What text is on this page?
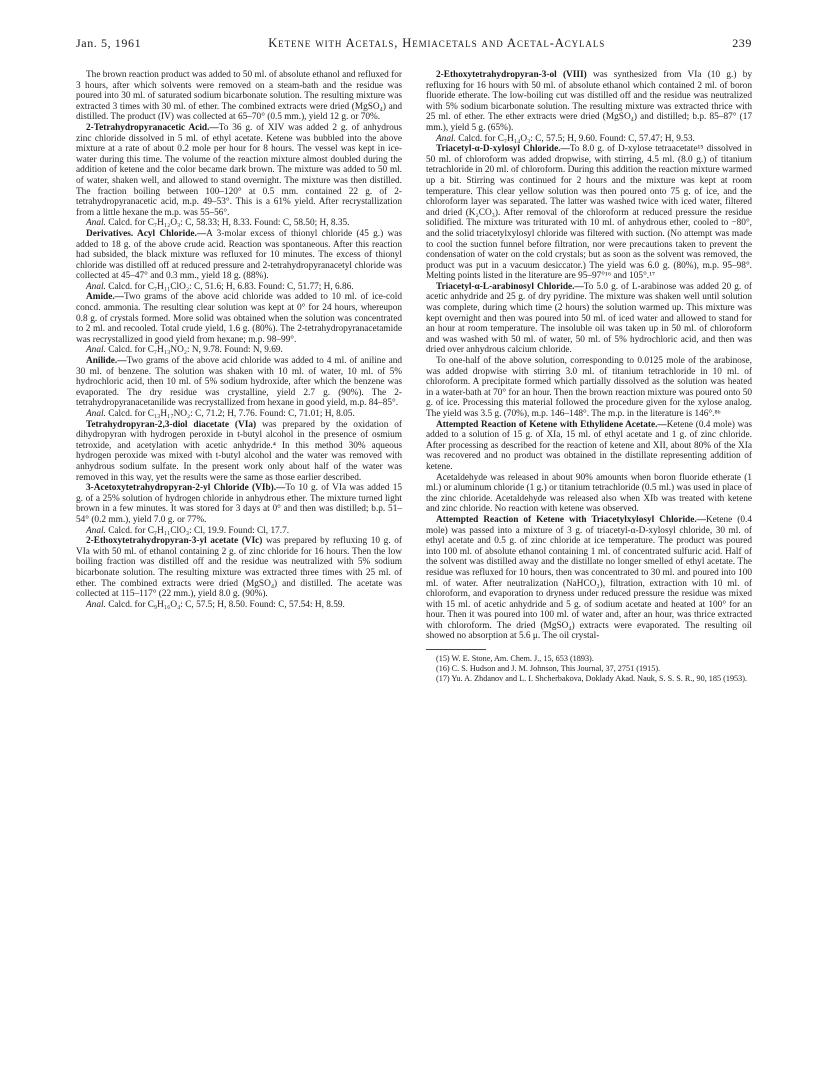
Jan. 5, 1961	Ketene with Acetals, Hemiacetals and Acetal-Acylals	239

The brown reaction product was added to 50 ml. of absolute ethanol and refluxed for 3 hours, after which solvents were removed on a steam-bath and the residue was poured into 30 ml. of saturated sodium bicarbonate solution. The resulting mixture was extracted 3 times with 30 ml. of ether. The combined extracts were dried (MgSO₄) and distilled. The product (IV) was collected at 65–70° (0.5 mm.), yield 12 g. or 70%.

2-Tetrahydropyranacetic Acid.—To 36 g. of XIV was added 2 g. of anhydrous zinc chloride dissolved in 5 ml. of ethyl acetate. Ketene was bubbled into the above mixture at a rate of about 0.2 mole per hour for 8 hours. The vessel was kept in ice-water during this time. The volume of the reaction mixture almost doubled during the addition of ketene and the color became dark brown. The mixture was added to 50 ml. of water, shaken well, and allowed to stand overnight. The mixture was then distilled. The fraction boiling between 100–120° at 0.5 mm. contained 22 g. of 2-tetrahydropyranacetic acid, m.p. 49–53°. This is a 61% yield. After recrystallization from a little hexane the m.p. was 55–56°.

Anal. Calcd. for C₇H₁₂O₃: C, 58.33; H, 8.33. Found: C, 58.50; H, 8.35.

Derivatives. Acyl Chloride.—A 3-molar excess of thionyl chloride (45 g.) was added to 18 g. of the above crude acid. Reaction was spontaneous. After this reaction had subsided, the black mixture was refluxed for 10 minutes. The excess of thionyl chloride was distilled off at reduced pressure and 2-tetrahydropyranacetyl chloride was collected at 45–47° and 0.3 mm., yield 18 g. (88%).

Anal. Calcd. for C₇H₁₁ClO₂: C, 51.6; H, 6.83. Found: C, 51.77; H, 6.86.

Amide.—Two grams of the above acid chloride was added to 10 ml. of ice-cold concd. ammonia. The resulting clear solution was kept at 0° for 24 hours, whereupon 0.8 g. of crystals formed. More solid was obtained when the solution was concentrated to 2 ml. and recooled. Total crude yield, 1.6 g. (80%). The 2-tetrahydropyranacetamide was recrystallized in good yield from hexane; m.p. 98–99°.

Anal. Calcd. for C₇H₁₃NO₂: N, 9.78. Found: N, 9.69.

Anilide.—Two grams of the above acid chloride was added to 4 ml. of aniline and 30 ml. of benzene. The solution was shaken with 10 ml. of water, 10 ml. of 5% hydrochloric acid, then 10 ml. of 5% sodium hydroxide, after which the benzene was evaporated. The dry residue was crystalline, yield 2.7 g. (90%). The 2-tetrahydropyranacetanilide was recrystallized from hexane in good yield, m.p. 84–85°.

Anal. Calcd. for C₁₃H₁₇NO₂: C, 71.2; H, 7.76. Found: C, 71.01; H, 8.05.

Tetrahydropyran-2,3-diol diacetate (VIa) was prepared by the oxidation of dihydropyran with hydrogen peroxide in t-butyl alcohol in the presence of osmium tetroxide, and acetylation with acetic anhydride.⁴ In this method 30% aqueous hydrogen peroxide was mixed with t-butyl alcohol and the water was removed with anhydrous sodium sulfate. In the present work only about half of the water was removed in this way, yet the results were the same as those earlier described.

3-Acetoxytetrahydropyran-2-yl Chloride (VIb).—To 10 g. of VIa was added 15 g. of a 25% solution of hydrogen chloride in anhydrous ether. The mixture turned light brown in a few minutes. It was stored for 3 days at 0° and then was distilled; b.p. 51–54° (0.2 mm.), yield 7.0 g. or 77%.

Anal. Calcd. for C₇H₁₁ClO₃: Cl, 19.9. Found: Cl, 17.7.

2-Ethoxytetrahydropyran-3-yl acetate (VIc) was prepared by refluxing 10 g. of VIa with 50 ml. of ethanol containing 2 g. of zinc chloride for 16 hours. Then the low boiling fraction was distilled off and the residue was neutralized with 5% sodium bicarbonate solution. The resulting mixture was extracted three times with 25 ml. of ether. The combined extracts were dried (MgSO₄) and distilled. The acetate was collected at 115–117° (22 mm.), yield 8.0 g. (90%).

Anal. Calcd. for C₉H₁₆O₄: C, 57.5; H, 8.50. Found: C, 57.54: H, 8.59.

2-Ethoxytetrahydropyran-3-ol (VIII) was synthesized from VIa (10 g.) by refluxing for 16 hours with 50 ml. of absolute ethanol which contained 2 ml. of boron fluoride etherate. The low-boiling cut was distilled off and the residue was neutralized with 5% sodium bicarbonate solution. The resulting mixture was extracted thrice with 25 ml. of ether. The ether extracts were dried (MgSO₄) and distilled; b.p. 85–87° (17 mm.), yield 5 g. (65%).

Anal. Calcd. for C₇H₁₄O₃: C, 57.5; H, 9.60. Found: C, 57.47; H, 9.53.

Triacetyl-α-D-xylosyl Chloride.—To 8.0 g. of D-xylose tetraacetate¹⁵ dissolved in 50 ml. of chloroform was added dropwise, with stirring, 4.5 ml. (8.0 g.) of titanium tetrachloride in 20 ml. of chloroform. During this addition the reaction mixture warmed up a bit. Stirring was continued for 2 hours and the mixture was kept at room temperature. This clear yellow solution was then poured onto 75 g. of ice, and the chloroform layer was separated. The latter was washed twice with iced water, filtered and dried (K₂CO₃). After removal of the chloroform at reduced pressure the residue solidified. The mixture was triturated with 10 ml. of anhydrous ether, cooled to −80°, and the solid triacetylxylosyl chloride was filtered with suction. (No attempt was made to cool the suction funnel before filtration, nor were precautions taken to prevent the condensation of water on the cold crystals; but as soon as the solvent was removed, the product was put in a vacuum desiccator.) The yield was 6.0 g. (80%), m.p. 95–98°. Melting points listed in the literature are 95–97°¹⁶ and 105°.¹⁷

Triacetyl-α-L-arabinosyl Chloride.—To 5.0 g. of L-arabinose was added 20 g. of acetic anhydride and 25 g. of dry pyridine. The mixture was shaken well until solution was complete, during which time (2 hours) the solution warmed up. This mixture was kept overnight and then was poured into 50 ml. of iced water and allowed to stand for an hour at room temperature. The insoluble oil was taken up in 50 ml. of chloroform and was washed with 50 ml. of water, 50 ml. of 5% hydrochloric acid, and then was dried over anhydrous calcium chloride.

To one-half of the above solution, corresponding to 0.0125 mole of the arabinose, was added dropwise with stirring 3.0 ml. of titanium tetrachloride in 10 ml. of chloroform. A precipitate formed which partially dissolved as the solution was heated in a water-bath at 70° for an hour. Then the brown reaction mixture was poured onto 50 g. of ice. Processing this material followed the procedure given for the xylose analog. The yield was 3.5 g. (70%), m.p. 146–148°. The m.p. in the literature is 146°.⁸ᵇ

Attempted Reaction of Ketene with Ethylidene Acetate.—Ketene (0.4 mole) was added to a solution of 15 g. of XIa, 15 ml. of ethyl acetate and 1 g. of zinc chloride. After processing as described for the reaction of ketene and XII, about 80% of the XIa was recovered and no product was obtained in the distillate representing addition of ketene.

Acetaldehyde was released in about 90% amounts when boron fluoride etherate (1 ml.) or aluminum chloride (1 g.) or titanium tetrachloride (0.5 ml.) was used in place of the zinc chloride. Acetaldehyde was released also when XIb was treated with ketene and zinc chloride. No reaction with ketene was observed.

Attempted Reaction of Ketene with Triacetylxylosyl Chloride.—Ketene (0.4 mole) was passed into a mixture of 3 g. of triacetyl-α-D-xylosyl chloride, 30 ml. of ethyl acetate and 0.5 g. of zinc chloride at ice temperature. The product was poured into 100 ml. of absolute ethanol containing 1 ml. of concentrated sulfuric acid. Half of the solvent was distilled away and the distillate no longer smelled of ethyl acetate. The residue was refluxed for 10 hours, then was concentrated to 30 ml. and poured into 100 ml. of water. After neutralization (NaHCO₃), filtration, extraction with 10 ml. of chloroform, and evaporation to dryness under reduced pressure the residue was mixed with 15 ml. of acetic anhydride and 5 g. of sodium acetate and heated at 100° for an hour. Then it was poured into 100 ml. of water and, after an hour, was thrice extracted with chloroform. The dried (MgSO₄) extracts were evaporated. The resulting oil showed no absorption at 5.6 μ. The oil crystal-

(15) W. E. Stone, Am. Chem. J., 15, 653 (1893).

(16) C. S. Hudson and J. M. Johnson, This Journal, 37, 2751 (1915).

(17) Yu. A. Zhdanov and L. I. Shcherbakova, Doklady Akad. Nauk, S. S. S. R., 90, 185 (1953).
